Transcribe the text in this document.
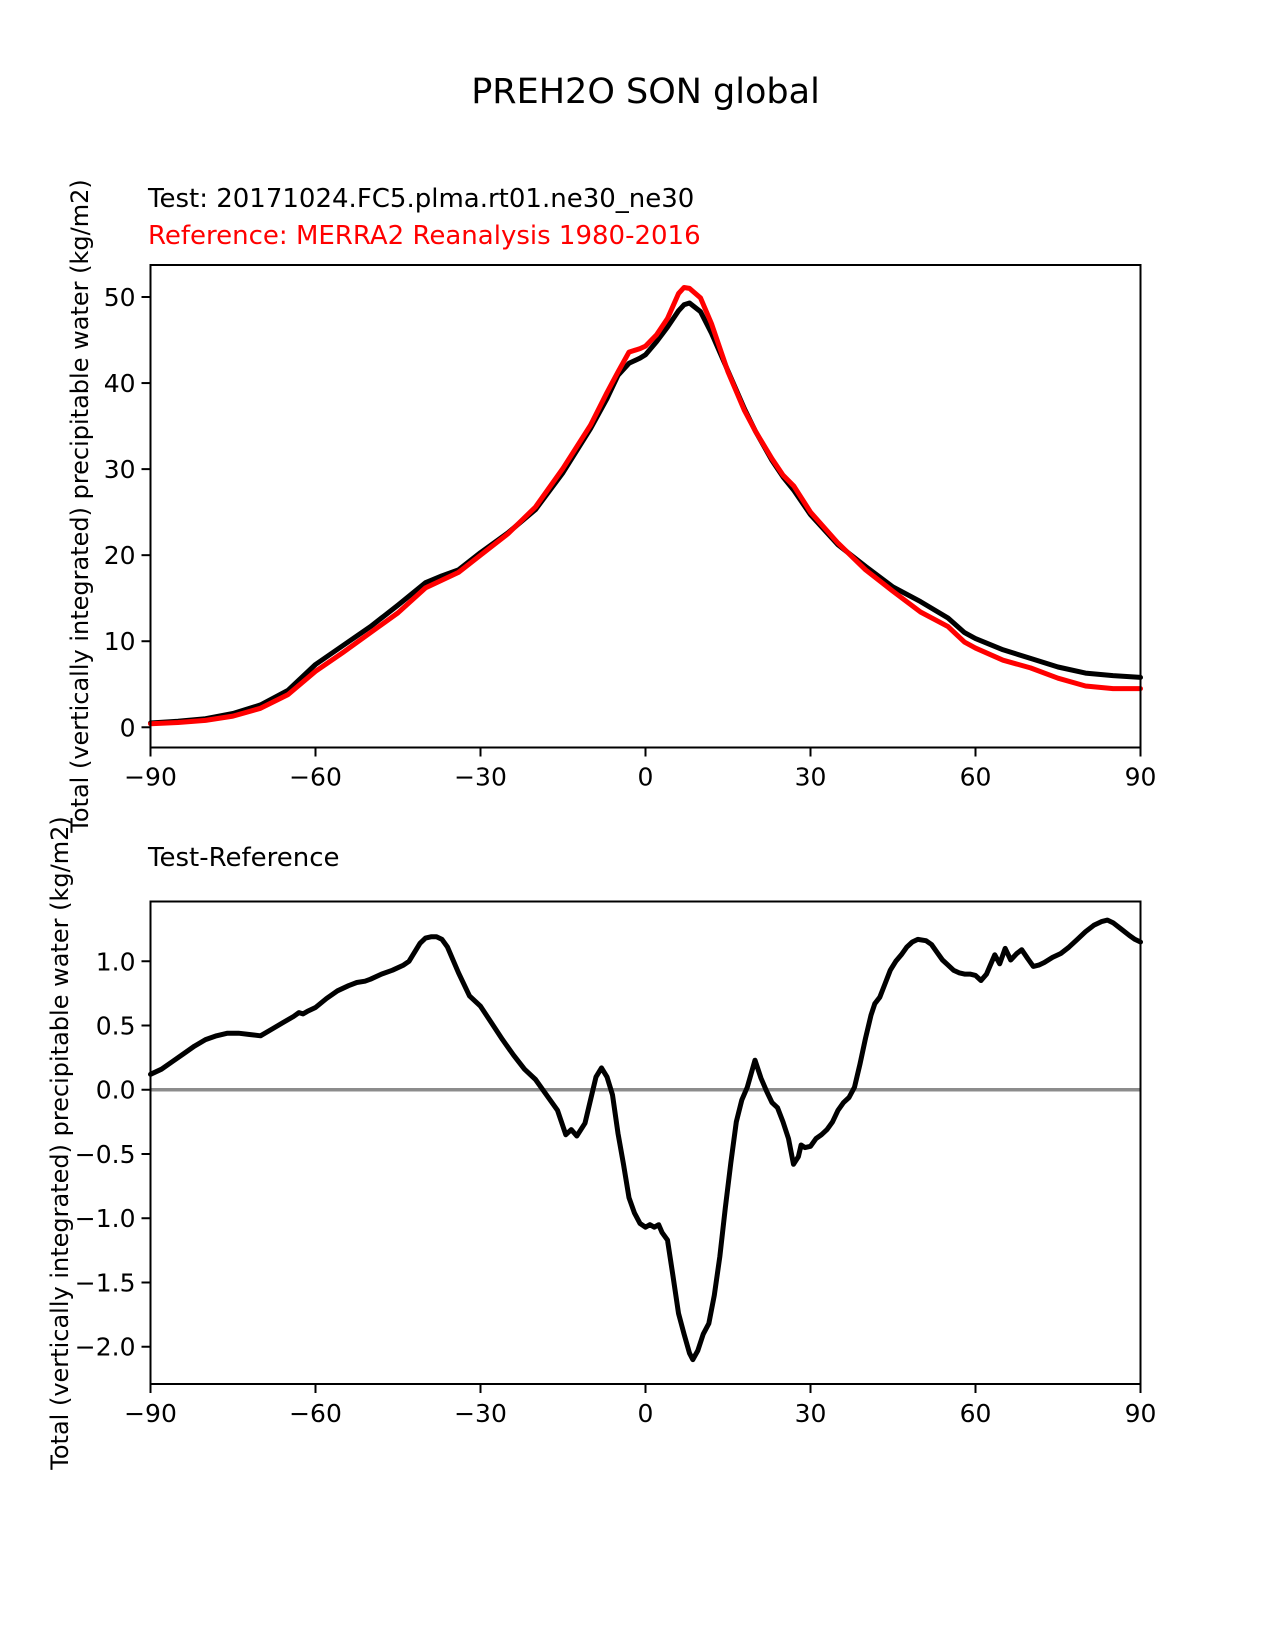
PREH2O SON global
Test: 20171024.FC5.plma.rt01.ne30_ne30
Reference: MERRA2 Reanalysis 1980-2016
Total (vertically integrated) precipitable water (kg/m2)
Test-Reference
Total (vertically integrated) precipitable water (kg/m2)
−90	−60	−30	0	30	60	90
0
10
20
30
40
50
−90	−60	−30	0	30	60	90
1.0
0.5
0.0
−0.5
−1.0
−1.5
−2.0
